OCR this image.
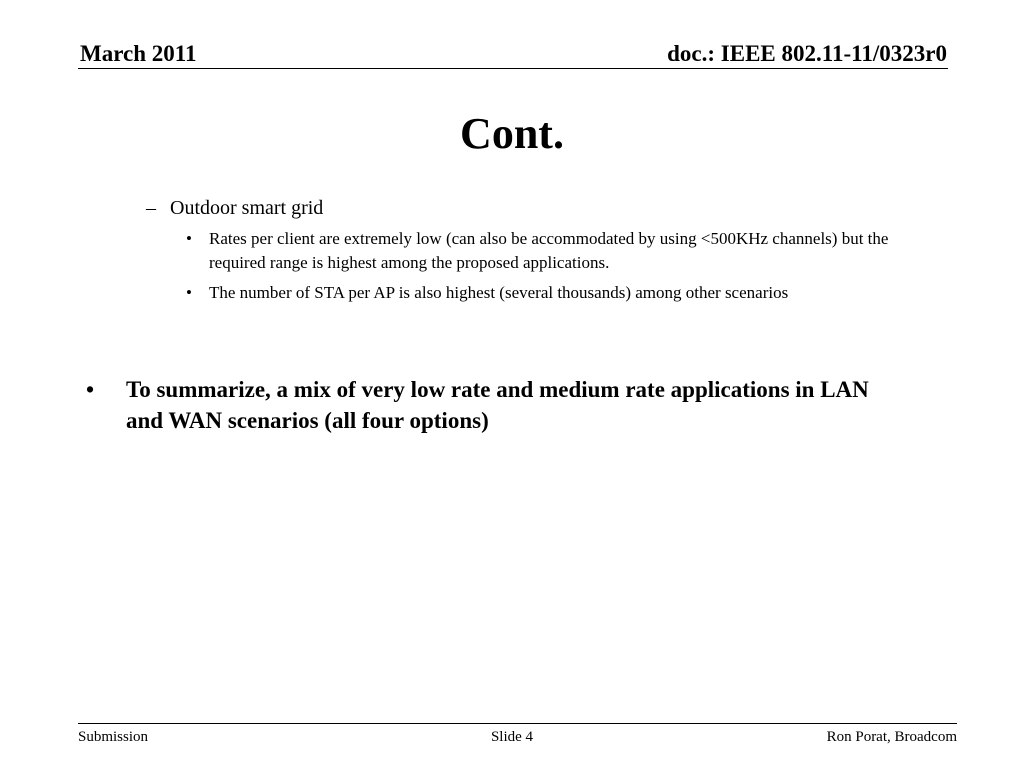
March 2011	doc.: IEEE 802.11-11/0323r0
Cont.
– Outdoor smart grid
• Rates per client are extremely low (can also be accommodated by using <500KHz channels) but the required range is highest among the proposed applications.
• The number of STA per AP is also highest (several thousands) among other scenarios
• To summarize, a mix of very low rate and medium rate applications in LAN and WAN scenarios (all four options)
Submission	Slide 4	Ron Porat, Broadcom
